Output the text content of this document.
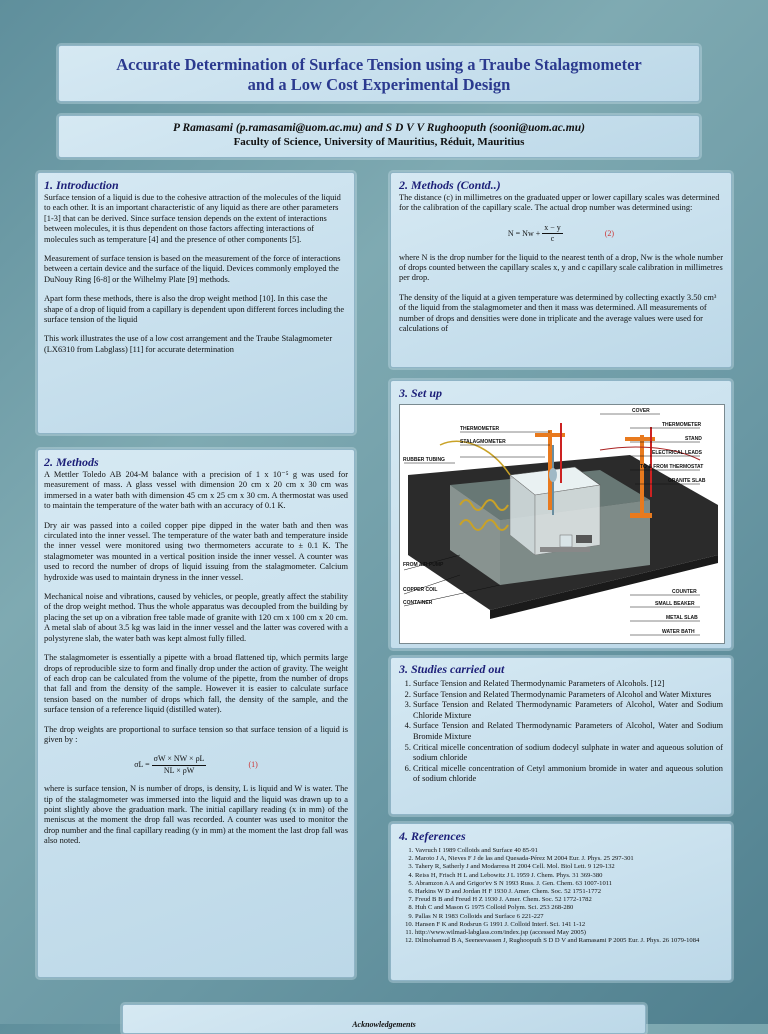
Accurate Determination of Surface Tension using a Traube Stalagmometer
and a Low Cost Experimental Design
P Ramasami (p.ramasami@uom.ac.mu) and S D V V Rughooputh (sooni@uom.ac.mu)
Faculty of Science, University of Mauritius, Réduit, Mauritius
1. Introduction

Surface tension of a liquid is due to the cohesive attraction of the molecules of the liquid to each other. It is an important characteristic of any liquid as there are other parameters [1-3] that can be derived. Since surface tension depends on the extent of interactions between molecules, it is thus dependent on those factors affecting interactions of molecules such as temperature [4] and the presence of other components [5].

Measurement of surface tension is based on the measurement of the force of interactions between a certain device and the surface of the liquid. Devices commonly employed the DuNouy Ring [6-8] or the Wilhelmy Plate [9] methods.

Apart form these methods, there is also the drop weight method [10]. In this case the shape of a drop of liquid from a capillary is dependent upon different forces including the surface tension of the liquid

This work illustrates the use of a low cost arrangement and the Traube Stalagmometer (LX6310 from Labglass) [11] for accurate determination

2. Methods

A Mettler Toledo AB 204-M balance with a precision of 1 x 10⁻⁵ g was used for measurement of mass. A glass vessel with dimension 20 cm x 20 cm x 30 cm was immersed in a water bath with dimension 45 cm x 25 cm x 30 cm. A thermostat was used to maintain the temperature of the water bath with an accuracy of 0.1 K.

Dry air was passed into a coiled copper pipe dipped in the water bath and then was circulated into the inner vessel. The temperature of the water bath and temperature inside the inner vessel were monitored using two thermometers accurate to ± 0.1 K. The stalagmometer was mounted in a vertical position inside the inner vessel. A counter was used to record the number of drops of liquid issuing from the stalagmometer. Calcium hydroxide was used to maintain dryness in the inner vessel.

Mechanical noise and vibrations, caused by vehicles, or people, greatly affect the stability of the drop weight method. Thus the whole apparatus was decoupled from the building by placing the set up on a vibration free table made of granite with 120 cm x 100 cm x 20 cm. A metal slab of about 3.5 kg was laid in the inner vessel and the latter was covered with a polystyrene slab, the water bath was kept almost fully filled.

The stalagmometer is essentially a pipette with a broad flattened tip, which permits large drops of reproducible size to form and finally drop under the action of gravity. The weight of each drop can be calculated from the volume of the pipette, from the number of drops that fall and from the density of the sample. However it is easier to calculate surface tension based on the number of drops which fall, the density of the sample, and the surface tension of a reference liquid (distilled water).

The drop weights are proportional to surface tension so that surface tension of a liquid is given by :

$\sigma L = \frac{\sigma W \times NW \times \rho L}{NL \times \rho W}$	(1)

where is surface tension, N is number of drops, is density, L is liquid and W is water. The tip of the stalagmometer was immersed into the liquid and the liquid was drawn up to a point slightly above the graduation mark. The initial capillary reading (x in mm) of the meniscus at the moment the drop fall was recorded. A counter was used to monitor the drop number and the final capillary reading (y in mm) at the moment the last drop fall was also noted.

2. Methods (Contd..)

The distance (c) in millimetres on the graduated upper or lower capillary scales was determined for the calibration of the capillary scale. The actual drop number was determined using:

$N = Nw + \frac{x - y}{c}$	(2)

where N is the drop number for the liquid to the nearest tenth of a drop, Nw is the whole number of drops counted between the capillary scales x, y and c capillary scale calibration in millimetres per drop.

The density of the liquid at a given temperature was determined by collecting exactly 3.50 cm³ of the liquid from the stalagmometer and then it mass was determined. All measurements of number of drops and densities were done in triplicate and the average values were used for calculations of

3. Set up
COVER
THERMOMETER
STAND
ELECTRICAL LEADS
TO & FROM THERMOSTAT
GRANITE SLAB
THERMOMETER
STALAGMOMETER
RUBBER TUBING
FROM AIR PUMP
COPPER COIL
CONTAINER
COUNTER
SMALL BEAKER
METAL SLAB
WATER BATH
3. Studies carried out
1. Surface Tension and Related Thermodynamic Parameters of Alcohols. [12]
2. Surface Tension and Related Thermodynamic Parameters of Alcohol and Water Mixtures
3. Surface Tension and Related Thermodynamic Parameters of Alcohol, Water and Sodium Chloride Mixture
4. Surface Tension and Related Thermodynamic Parameters of Alcohol, Water and Sodium Bromide Mixture
5. Critical micelle concentration of sodium dodecyl sulphate in water and aqueous solution of sodium chloride
6. Critical micelle concentration of Cetyl ammonium bromide in water and aqueous solution of sodium chloride
4. References
1. Vavruch I 1989 Colloids and Surface 40 85-91
2. Maroto J A, Nieves F J de las and Quesada-Pérez M 2004 Eur. J. Phys. 25 297-301
3. Tahery R, Satherly J and Modarress H 2004 Cell. Mol. Biol Lett. 9 129-132
4. Reiss H, Frisch H L and Lebowitz J L 1959 J. Chem. Phys. 31 369-380
5. Abramzon A A and Grigor'ev S N 1993 Russ. J. Gen. Chem. 63 1007-1011
6. Harkins W D and Jordan H F 1930 J. Amer. Chem. Soc. 52 1751-1772
7. Freud B B and Freud H Z 1930 J. Amer. Chem. Soc. 52 1772-1782
8. Huh C and Mason G 1975 Colloid Polym. Sci. 253 268-280
9. Pallas N R 1983 Colloids and Surface 6 221-227
10. Hansen F K and Rodsrun G 1991 J. Colloid Interf. Sci. 141 1-12
11. http://www.wilmad-labglass.com/index.jsp (accessed May 2005)
12. Dilmohamud B A, Seeneevassen J, Rughooputh S D D V and Ramasami P 2005 Eur. J. Phys. 26 1079-1084
$_{Acknowledgements}$
